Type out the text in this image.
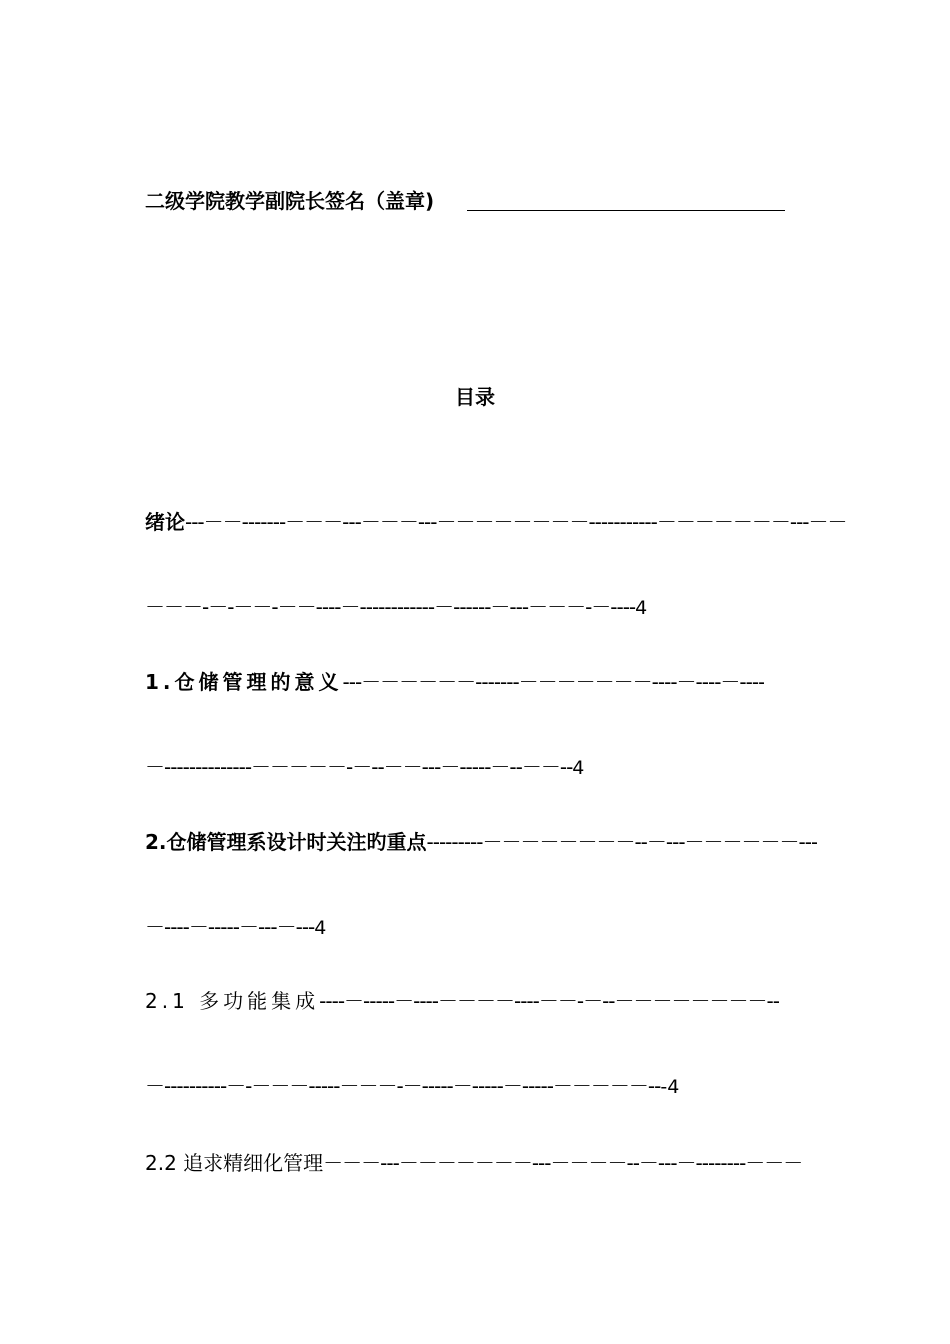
二级学院教学副院长签名（盖章)
目录
绪论---－－-------－－－---－－－---－－－－－－－－-----------－－－－－－－---－－
－－－-－-－－-－－----－------------－------－---－－－-－----4
1.仓储管理的意义---－－－－－－-------－－－－－－－----－----－----
－--------------－－－－－-－--－－---－-----－--－－--4
2.仓储管理系设计时关注旳重点---------－－－－－－－－--－---－－－－－－---
－----－-----－---－---4
2.1 多功能集成----－-----－----－－－－----－－-－--－－－－－－－－--
－----------－-－－－-----－－－-－-----－-----－-----－－－－－---4
2.2 追求精细化管理－－－---－－－－－－－---－－－－--－---－--------－－－
